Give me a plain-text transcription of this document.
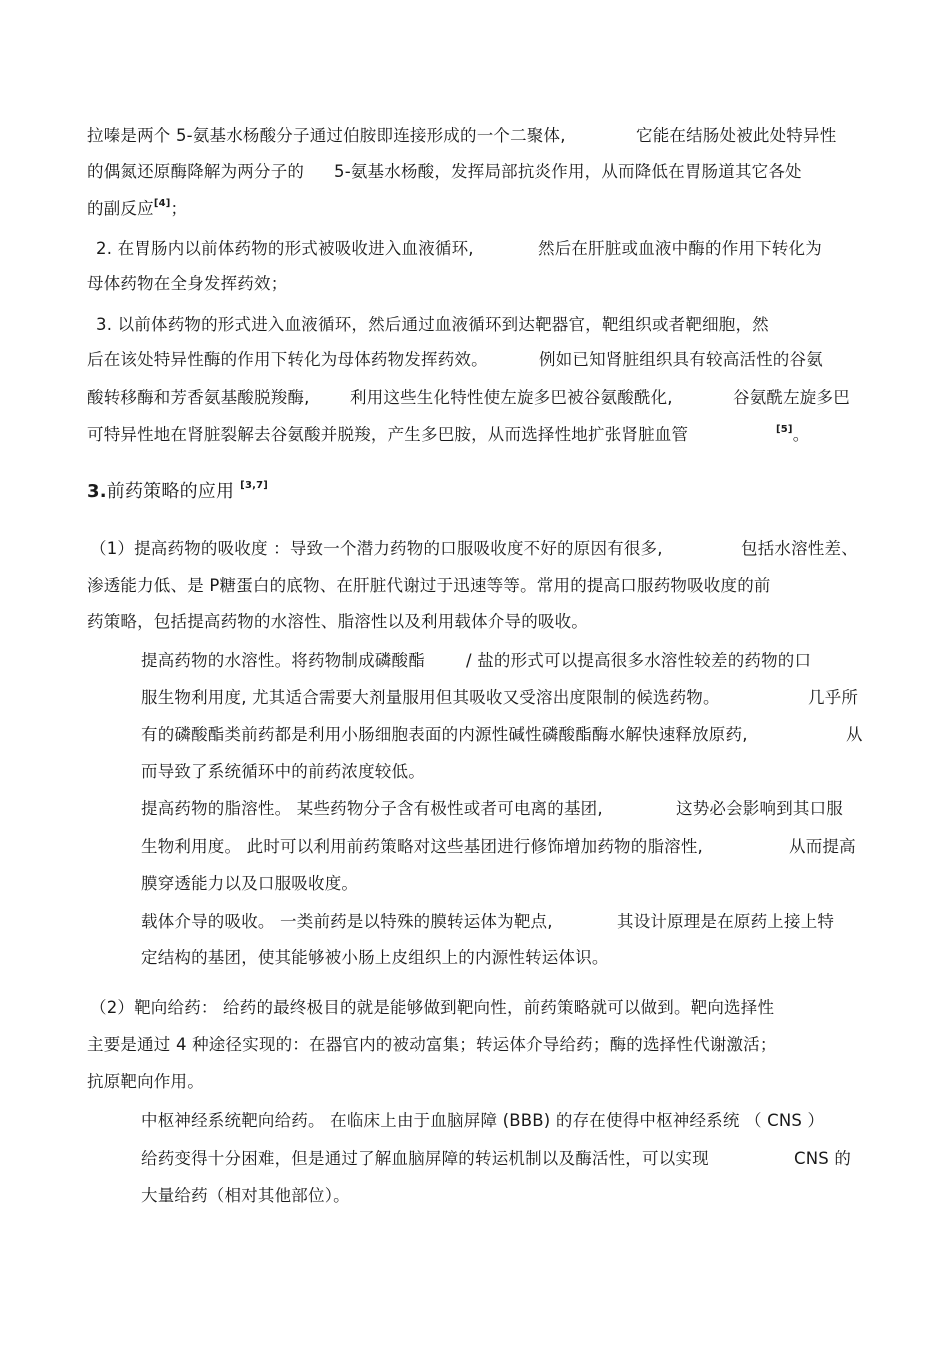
拉嗪是两个 5-氨基水杨酸分子通过伯胺即连接形成的一个二聚体,	它能在结肠处被此处特异性
的偶氮还原酶降解为两分子的 5-氨基水杨酸，发挥局部抗炎作用，从而降低在胃肠道其它各处
的副反应[4]；
2. 在胃肠内以前体药物的形式被吸收进入血液循环,	然后在肝脏或血液中酶的作用下转化为
母体药物在全身发挥药效；
3. 以前体药物的形式进入血液循环，然后通过血液循环到达靶器官，靶组织或者靶细胞，然
后在该处特异性酶的作用下转化为母体药物发挥药效。	例如已知肾脏组织具有较高活性的谷氨
酸转移酶和芳香氨基酸脱羧酶, 利用这些生化特性使左旋多巴被谷氨酸酰化,	谷氨酰左旋多巴
可特异性地在肾脏裂解去谷氨酸并脱羧，产生多巴胺，从而选择性地扩张肾脏血管	[5]。
3.前药策略的应用 [3,7]
（1）提高药物的吸收度 ：导致一个潜力药物的口服吸收度不好的原因有很多,	包括水溶性差、
渗透能力低、是 P糖蛋白的底物、在肝脏代谢过于迅速等等。常用的提高口服药物吸收度的前
药策略，包括提高药物的水溶性、脂溶性以及利用载体介导的吸收。
提高药物的水溶性。将药物制成磷酸酯 / 盐的形式可以提高很多水溶性较差的药物的口
服生物利用度, 尤其适合需要大剂量服用但其吸收又受溶出度限制的候选药物。	几乎所
有的磷酸酯类前药都是利用小肠细胞表面的内源性碱性磷酸酯酶水解快速释放原药,	从
而导致了系统循环中的前药浓度较低。
提高药物的脂溶性。 某些药物分子含有极性或者可电离的基团,	这势必会影响到其口服
生物利用度。 此时可以利用前药策略对这些基团进行修饰增加药物的脂溶性,	从而提高
膜穿透能力以及口服吸收度。
载体介导的吸收。 一类前药是以特殊的膜转运体为靶点,	其设计原理是在原药上接上特
定结构的基团，使其能够被小肠上皮组织上的内源性转运体识。
（2）靶向给药： 给药的最终极目的就是能够做到靶向性，前药策略就可以做到。靶向选择性
主要是通过 4 种途径实现的：在器官内的被动富集；转运体介导给药；酶的选择性代谢激活；
抗原靶向作用。
中枢神经系统靶向给药。 在临床上由于血脑屏障 (BBB) 的存在使得中枢神经系统 （ CNS ）
给药变得十分困难，但是通过了解血脑屏障的转运机制以及酶活性，可以实现	CNS 的
大量给药（相对其他部位）。
